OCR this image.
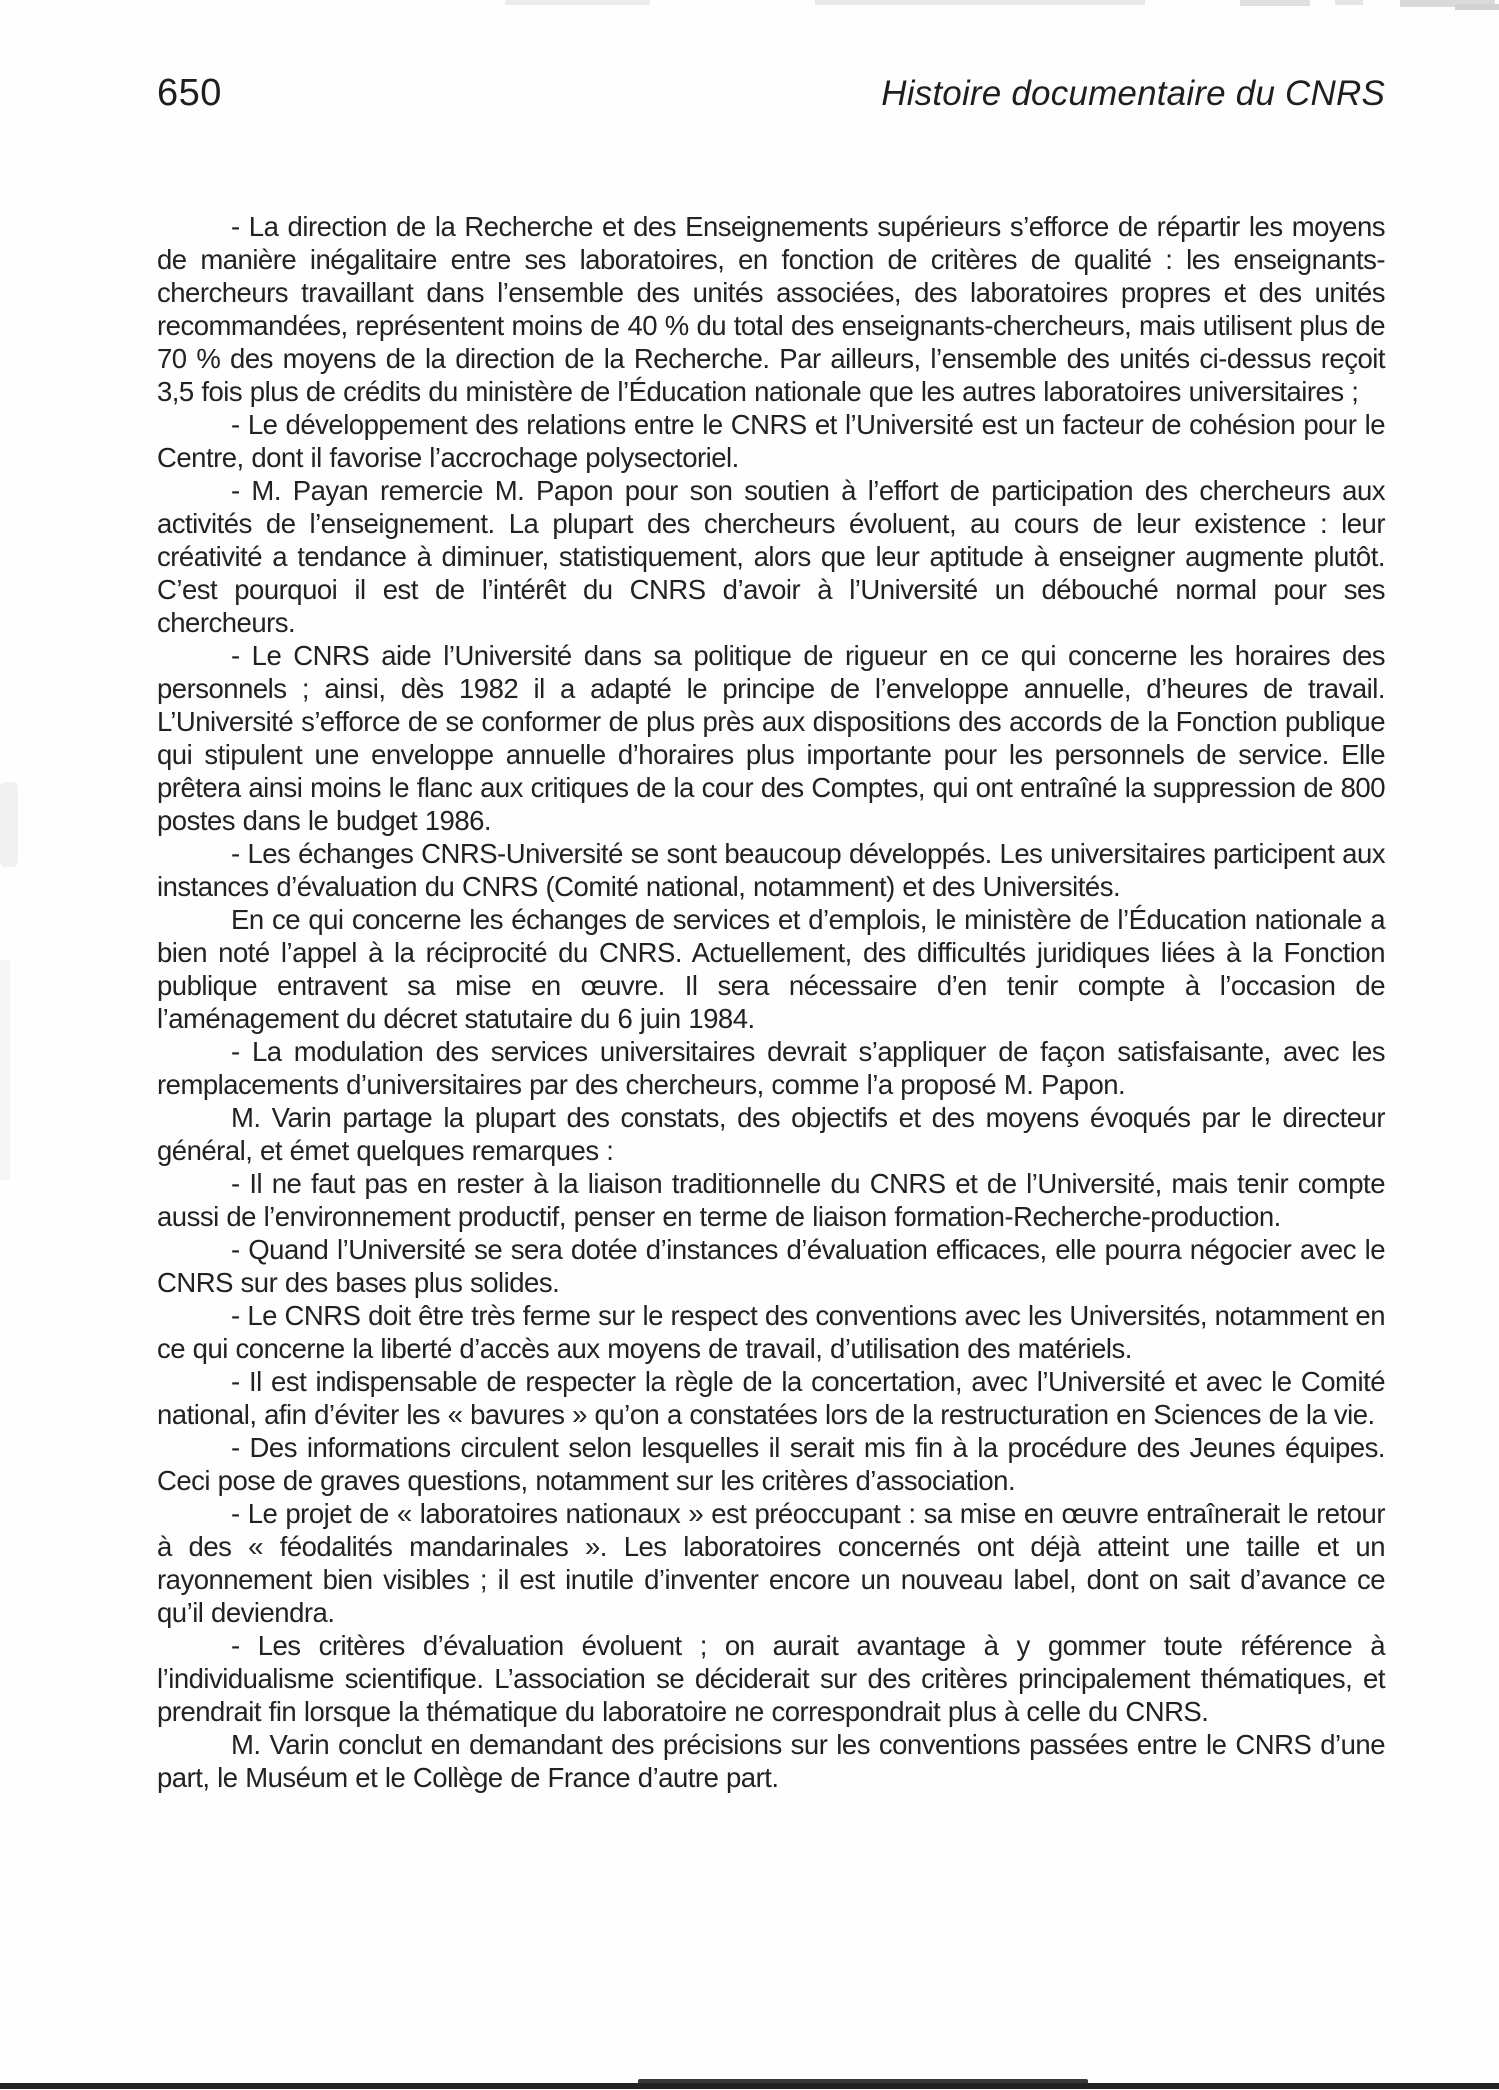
650	Histoire documentaire du CNRS

- La direction de la Recherche et des Enseignements supérieurs s’efforce de répartir les moyens de manière inégalitaire entre ses laboratoires, en fonction de critères de qualité : les enseignants-chercheurs travaillant dans l’ensemble des unités associées, des laboratoires propres et des unités recommandées, représentent moins de 40 % du total des enseignants-chercheurs, mais utilisent plus de 70 % des moyens de la direction de la Recherche. Par ailleurs, l’ensemble des unités ci-dessus reçoit 3,5 fois plus de crédits du ministère de l’Éducation nationale que les autres laboratoires universitaires ;

- Le développement des relations entre le CNRS et l’Université est un facteur de cohésion pour le Centre, dont il favorise l’accrochage polysectoriel.

- M. Payan remercie M. Papon pour son soutien à l’effort de participation des chercheurs aux activités de l’enseignement. La plupart des chercheurs évoluent, au cours de leur existence : leur créativité a tendance à diminuer, statistiquement, alors que leur aptitude à enseigner augmente plutôt. C’est pourquoi il est de l’intérêt du CNRS d’avoir à l’Université un débouché normal pour ses chercheurs.

- Le CNRS aide l’Université dans sa politique de rigueur en ce qui concerne les horaires des personnels ; ainsi, dès 1982 il a adapté le principe de l’enveloppe annuelle, d’heures de travail. L’Université s’efforce de se conformer de plus près aux dispositions des accords de la Fonction publique qui stipulent une enveloppe annuelle d’horaires plus importante pour les personnels de service. Elle prêtera ainsi moins le flanc aux critiques de la cour des Comptes, qui ont entraîné la suppression de 800 postes dans le budget 1986.

- Les échanges CNRS-Université se sont beaucoup développés. Les universitaires participent aux instances d’évaluation du CNRS (Comité national, notamment) et des Universités.

En ce qui concerne les échanges de services et d’emplois, le ministère de l’Éducation nationale a bien noté l’appel à la réciprocité du CNRS. Actuellement, des difficultés juridiques liées à la Fonction publique entravent sa mise en œuvre. Il sera nécessaire d’en tenir compte à l’occasion de l’aménagement du décret statutaire du 6 juin 1984.

- La modulation des services universitaires devrait s’appliquer de façon satisfaisante, avec les remplacements d’universitaires par des chercheurs, comme l’a proposé M. Papon.

M. Varin partage la plupart des constats, des objectifs et des moyens évoqués par le directeur général, et émet quelques remarques :

- Il ne faut pas en rester à la liaison traditionnelle du CNRS et de l’Université, mais tenir compte aussi de l’environnement productif, penser en terme de liaison formation-Recherche-production.

- Quand l’Université se sera dotée d’instances d’évaluation efficaces, elle pourra négocier avec le CNRS sur des bases plus solides.

- Le CNRS doit être très ferme sur le respect des conventions avec les Universités, notamment en ce qui concerne la liberté d’accès aux moyens de travail, d’utilisation des matériels.

- Il est indispensable de respecter la règle de la concertation, avec l’Université et avec le Comité national, afin d’éviter les « bavures » qu’on a constatées lors de la restructuration en Sciences de la vie.

- Des informations circulent selon lesquelles il serait mis fin à la procédure des Jeunes équipes. Ceci pose de graves questions, notamment sur les critères d’association.

- Le projet de « laboratoires nationaux » est préoccupant : sa mise en œuvre entraînerait le retour à des « féodalités mandarinales ». Les laboratoires concernés ont déjà atteint une taille et un rayonnement bien visibles ; il est inutile d’inventer encore un nouveau label, dont on sait d’avance ce qu’il deviendra.

- Les critères d’évaluation évoluent ; on aurait avantage à y gommer toute référence à l’individualisme scientifique. L’association se déciderait sur des critères principalement thématiques, et prendrait fin lorsque la thématique du laboratoire ne correspondrait plus à celle du CNRS.

M. Varin conclut en demandant des précisions sur les conventions passées entre le CNRS d’une part, le Muséum et le Collège de France d’autre part.
